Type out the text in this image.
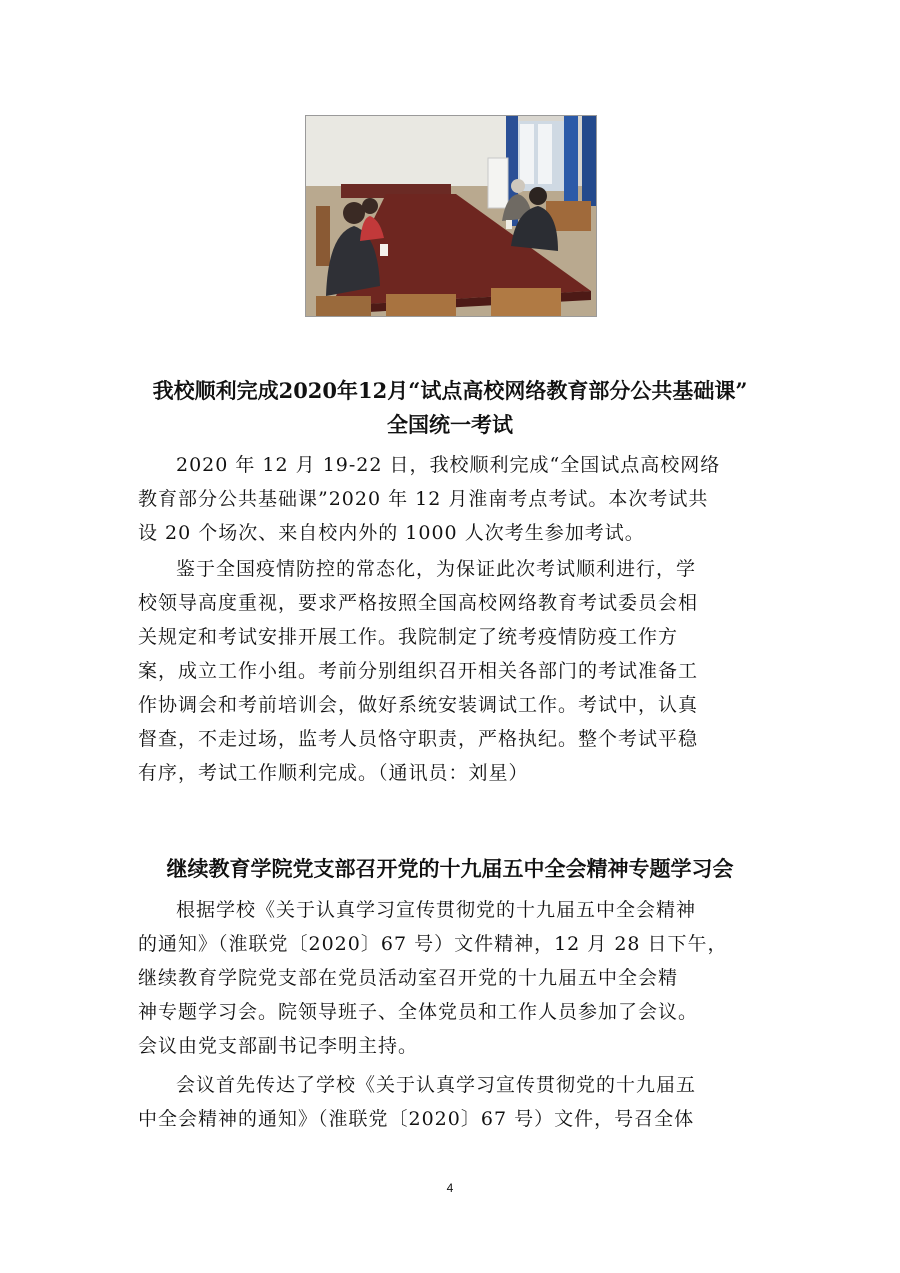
我校顺利完成2020年12月“试点高校网络教育部分公共基础课”
全国统一考试

2020 年 12 月 19-22 日，我校顺利完成“全国试点高校网络
教育部分公共基础课”2020 年 12 月淮南考点考试。本次考试共
设 20 个场次、来自校内外的 1000 人次考生参加考试。

鉴于全国疫情防控的常态化，为保证此次考试顺利进行，学
校领导高度重视，要求严格按照全国高校网络教育考试委员会相
关规定和考试安排开展工作。我院制定了统考疫情防疫工作方
案，成立工作小组。考前分别组织召开相关各部门的考试准备工
作协调会和考前培训会，做好系统安装调试工作。考试中，认真
督查，不走过场，监考人员恪守职责，严格执纪。整个考试平稳
有序，考试工作顺利完成。（通讯员：刘星）

继续教育学院党支部召开党的十九届五中全会精神专题学习会

根据学校《关于认真学习宣传贯彻党的十九届五中全会精神
的通知》（淮联党〔2020〕67 号）文件精神，12 月 28 日下午，
继续教育学院党支部在党员活动室召开党的十九届五中全会精
神专题学习会。院领导班子、全体党员和工作人员参加了会议。
会议由党支部副书记李明主持。

会议首先传达了学校《关于认真学习宣传贯彻党的十九届五
中全会精神的通知》（淮联党〔2020〕67 号）文件，号召全体

4
